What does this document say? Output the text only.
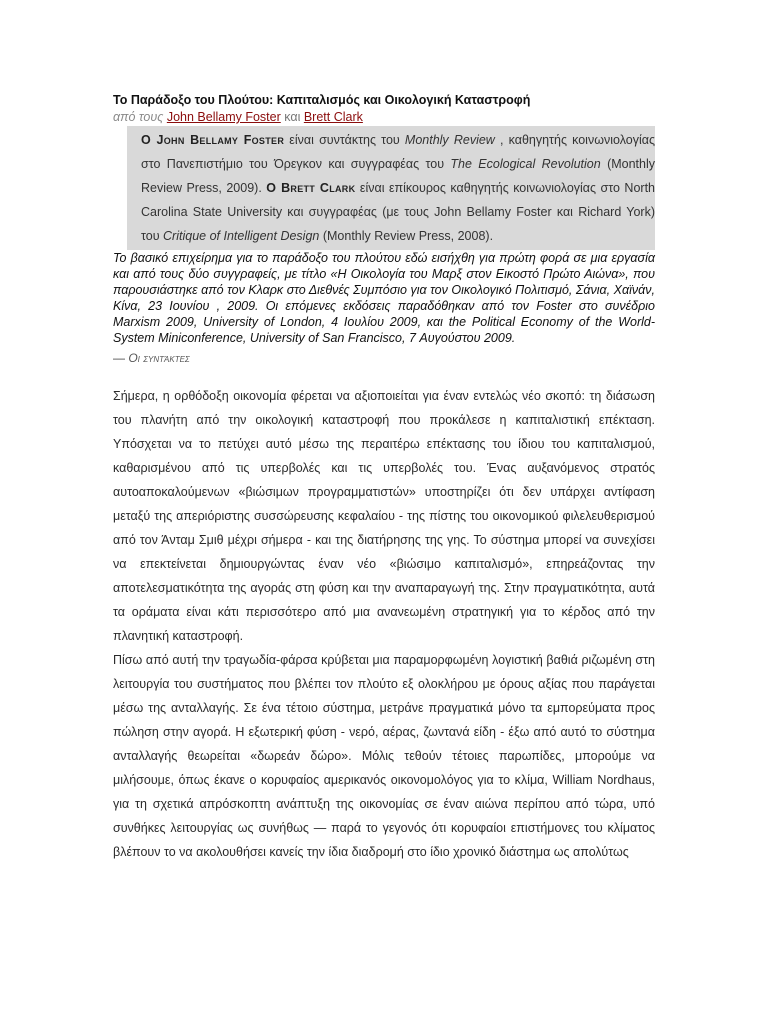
Το Παράδοξο του Πλούτου: Καπιταλισμός και Οικολογική Καταστροφή
από τους John Bellamy Foster και Brett Clark
Ο John Bellamy Foster είναι συντάκτης του Monthly Review , καθηγητής κοινωνιολογίας στο Πανεπιστήμιο του Όρεγκον και συγγραφέας του The Ecological Revolution (Monthly Review Press, 2009). Ο Brett Clark είναι επίκουρος καθηγητής κοινωνιολογίας στο North Carolina State University και συγγραφέας (με τους John Bellamy Foster και Richard York) του Critique of Intelligent Design (Monthly Review Press, 2008).
Το βασικό επιχείρημα για το παράδοξο του πλούτου εδώ εισήχθη για πρώτη φορά σε μια εργασία και από τους δύο συγγραφείς, με τίτλο «Η Οικολογία του Μαρξ στον Εικοστό Πρώτο Αιώνα», που παρουσιάστηκε από τον Κλαρκ στο Διεθνές Συμπόσιο για τον Οικολογικό Πολιτισμό, Σάνια, Χαϊνάν, Κίνα, 23 Ιουνίου , 2009. Οι επόμενες εκδόσεις παραδόθηκαν από τον Foster στο συνέδριο Marxism 2009, University of London, 4 Ιουλίου 2009, και the Political Economy of the World-System Miniconference, University of San Francisco, 7 Αυγούστου 2009.
— Οι συντάκτες

Σήμερα, η ορθόδοξη οικονομία φέρεται να αξιοποιείται για έναν εντελώς νέο σκοπό: τη διάσωση του πλανήτη από την οικολογική καταστροφή που προκάλεσε η καπιταλιστική επέκταση. Υπόσχεται να το πετύχει αυτό μέσω της περαιτέρω επέκτασης του ίδιου του καπιταλισμού, καθαρισμένου από τις υπερβολές και τις υπερβολές του. Ένας αυξανόμενος στρατός αυτοαποκαλούμενων «βιώσιμων προγραμματιστών» υποστηρίζει ότι δεν υπάρχει αντίφαση μεταξύ της απεριόριστης συσσώρευσης κεφαλαίου - της πίστης του οικονομικού φιλελευθερισμού από τον Άνταμ Σμιθ μέχρι σήμερα - και της διατήρησης της γης. Το σύστημα μπορεί να συνεχίσει να επεκτείνεται δημιουργώντας έναν νέο «βιώσιμο καπιταλισμό», επηρεάζοντας την αποτελεσματικότητα της αγοράς στη φύση και την αναπαραγωγή της. Στην πραγματικότητα, αυτά τα οράματα είναι κάτι περισσότερο από μια ανανεωμένη στρατηγική για το κέρδος από την πλανητική καταστροφή.

Πίσω από αυτή την τραγωδία-φάρσα κρύβεται μια παραμορφωμένη λογιστική βαθιά ριζωμένη στη λειτουργία του συστήματος που βλέπει τον πλούτο εξ ολοκλήρου με όρους αξίας που παράγεται μέσω της ανταλλαγής. Σε ένα τέτοιο σύστημα, μετράνε πραγματικά μόνο τα εμπορεύματα προς πώληση στην αγορά. Η εξωτερική φύση - νερό, αέρας, ζωντανά είδη - έξω από αυτό το σύστημα ανταλλαγής θεωρείται «δωρεάν δώρο». Μόλις τεθούν τέτοιες παρωπίδες, μπορούμε να μιλήσουμε, όπως έκανε ο κορυφαίος αμερικανός οικονομολόγος για το κλίμα, William Nordhaus, για τη σχετικά απρόσκοπτη ανάπτυξη της οικονομίας σε έναν αιώνα περίπου από τώρα, υπό συνθήκες λειτουργίας ως συνήθως — παρά το γεγονός ότι κορυφαίοι επιστήμονες του κλίματος βλέπουν το να ακολουθήσει κανείς την ίδια διαδρομή στο ίδιο χρονικό διάστημα ως απολύτως
